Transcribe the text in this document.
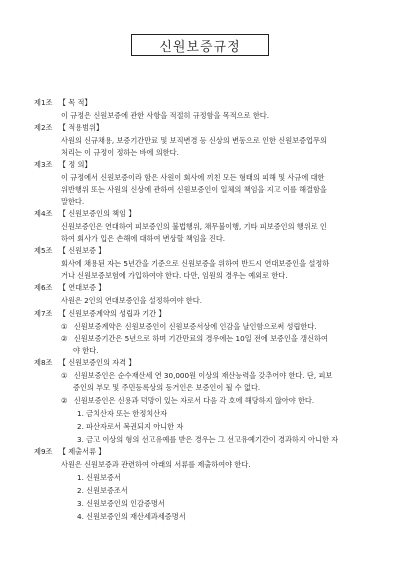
신원보증규정
제1조 【 목 적】
이 규정은 신원보증에 관한 사항을 적절히 규정함을 목적으로 한다.
제2조 【 적용범위】
사원의 신규채용, 보증기간만료 및 보직변경 등 신상의 변동으로 인한 신원보증업무의
처리는 이 규정이 정하는 바에 의한다.
제3조 【 정 의】
이 규정에서 신원보증이라 함은 사원이 회사에 끼친 모든 형태의 피해 및 사규에 대한
위반행위 또는 사원의 신상에 관하여 신원보증인이 일체의 책임을 지고 이를 해결함을
말한다.
제4조 【 신원보증인의 책임 】
신원보증인은 연대하여 피보증인의 불법행위, 채무불이행, 기타 피보증인의 행위로 인
하여 회사가 입은 손해에 대하여 변상할 책임을 진다.
제5조 【 신원보증 】
회사에 채용된 자는 5년간을 기준으로 신원보증을 위하여 반드시 연대보증인을 설정하
거나 신원보증보험에 가입하여야 한다. 다만, 임원의 경우는 예외로 한다.
제6조 【 연대보증 】
사원은 2인의 연대보증인을 설정하여야 한다.
제7조 【 신원보증계약의 성립과 기간 】
① 신원보증계약은 신원보증인이 신원보증서상에 인감을 날인함으로써 성립한다.
② 신원보증기간은 5년으로 하며 기간만료의 경우에는 10일 전에 보증인을 갱신하여
야 한다.
제8조 【 신원보증인의 자격 】
① 신원보증인은 순수재산세 연 30,000원 이상의 재산능력을 갖추어야 한다. 단, 피보
증인의 부모 및 주민등록상의 동거인은 보증인이 될 수 없다.
② 신원보증인은 신용과 덕망이 있는 자로서 다음 각 호에 해당하지 않아야 한다.
1. 금치산자 또는 한정치산자
2. 파산자로서 복권되지 아니한 자
3. 금고 이상의 형의 선고유예를 받은 경우는 그 선고유예기간이 경과하지 아니한 자
제9조 【 제출서류 】
사원은 신원보증과 관련하여 아래의 서류를 제출하여야 한다.
1. 신원보증서
2. 신원보증조서
3. 신원보증인의 인감증명서
4. 신원보증인의 재산세과세증명서
